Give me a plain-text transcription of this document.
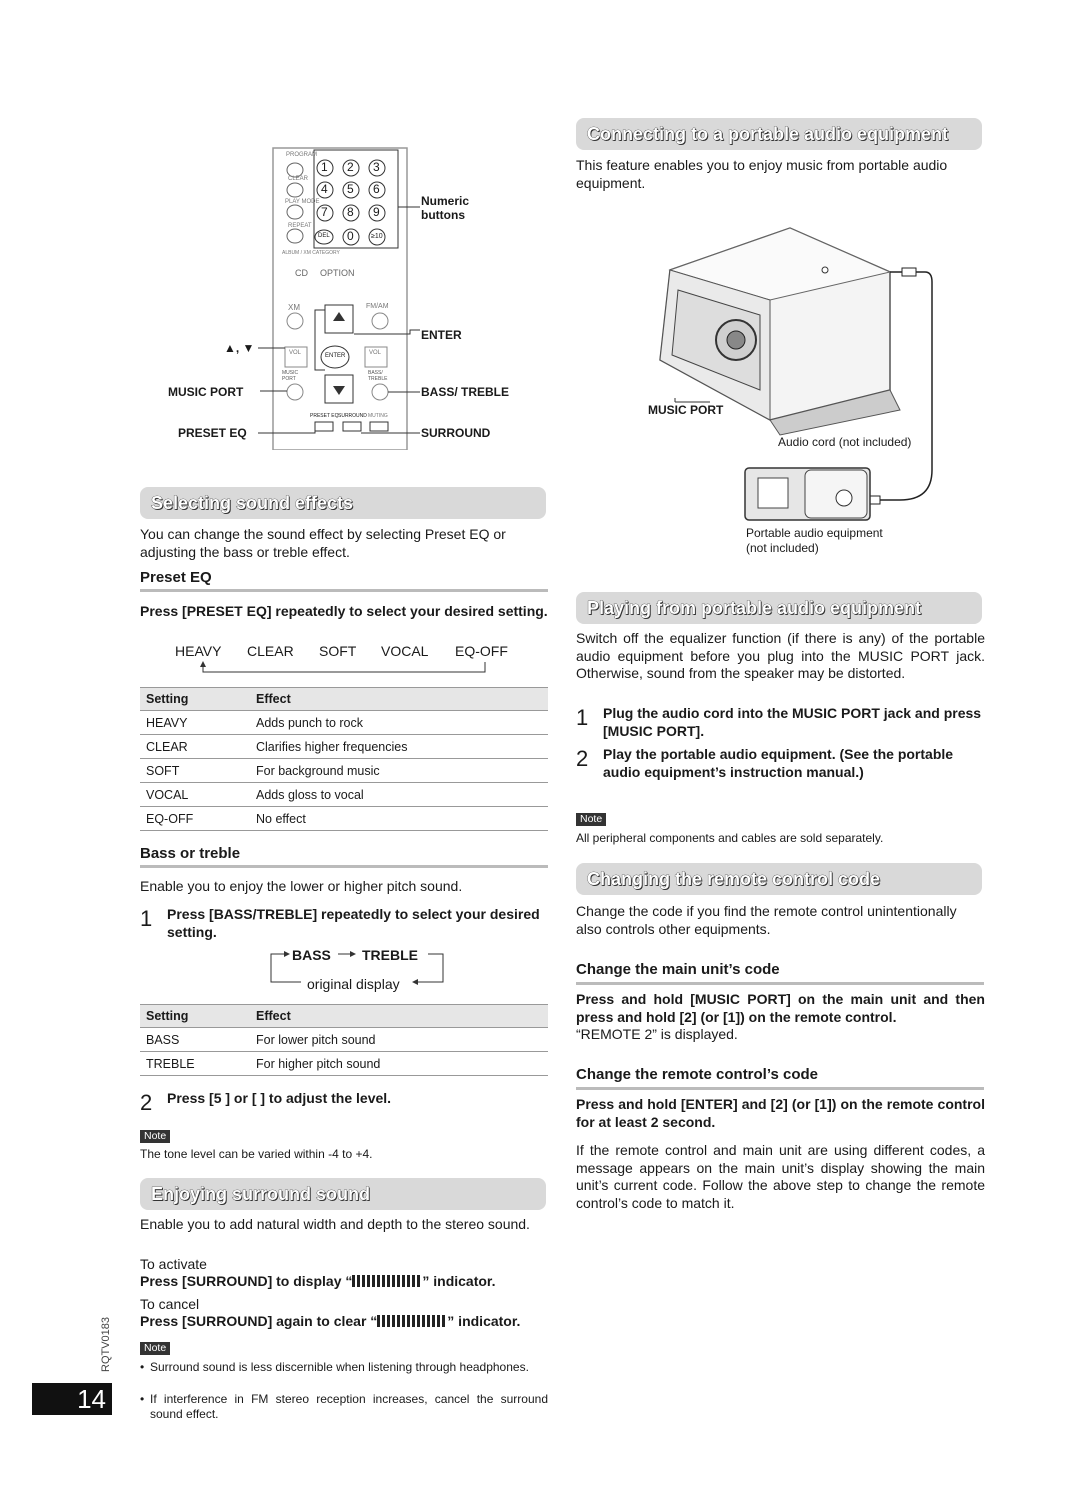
PROGRAM
CLEAR
PLAY MODE
REPEAT
ALBUM / XM CATEGORY
CD OPTION
XM	FM/AM
VOL	VOL
ENTER
MUSIC PORT
BASS/ TREBLE
PRESET EQ SURROUND MUTING
DEL	≥10
1 2 3
4 5 6
7 8 9
0
Numeric
buttons
ENTER
▲, ▼
MUSIC PORT	BASS/ TREBLE
PRESET EQ	SURROUND
Selecting sound effects
You can change the sound effect by selecting Preset EQ or adjusting the bass or treble effect.
Preset EQ
Press [PRESET EQ] repeatedly to select your desired setting.
HEAVY CLEAR SOFT VOCAL EQ-OFF
Setting	Effect
HEAVY	Adds punch to rock
CLEAR	Clarifies higher frequencies
SOFT	For background music
VOCAL	Adds gloss to vocal
EQ-OFF	No effect
Bass or treble
Enable you to enjoy the lower or higher pitch sound.
1 Press [BASS/TREBLE] repeatedly to select your desired setting.
BASS TREBLE
original display
Setting	Effect
BASS	For lower pitch sound
TREBLE	For higher pitch sound
2 Press [5 ] or [ ] to adjust the level.
Note
The tone level can be varied within -4 to +4.
Enjoying surround sound
Enable you to add natural width and depth to the stereo sound.
To activate
Press [SURROUND] to display “	” indicator.
To cancel
Press [SURROUND] again to clear “	” indicator.
Note
• Surround sound is less discernible when listening through headphones.
• If interference in FM stereo reception increases, cancel the surround sound effect.
Connecting to a portable audio equipment
This feature enables you to enjoy music from portable audio equipment.
MUSIC PORT
Audio cord (not included)
Portable audio equipment
(not included)
Playing from portable audio equipment
Switch off the equalizer function (if there is any) of the portable audio equipment before you plug into the MUSIC PORT jack. Otherwise, sound from the speaker may be distorted.
1 Plug the audio cord into the MUSIC PORT jack and press [MUSIC PORT].
2 Play the portable audio equipment. (See the portable audio equipment’s instruction manual.)
Note
All peripheral components and cables are sold separately.
Changing the remote control code
Change the code if you find the remote control unintentionally also controls other equipments.
Change the main unit’s code
Press and hold [MUSIC PORT] on the main unit and then press and hold [2] (or [1]) on the remote control.
“REMOTE 2” is displayed.
Change the remote control’s code
Press and hold [ENTER] and [2] (or [1]) on the remote control for at least 2 second.
If the remote control and main unit are using different codes, a message appears on the main unit’s display showing the main unit’s current code. Follow the above step to change the remote control’s code to match it.
14
RQTV0183
